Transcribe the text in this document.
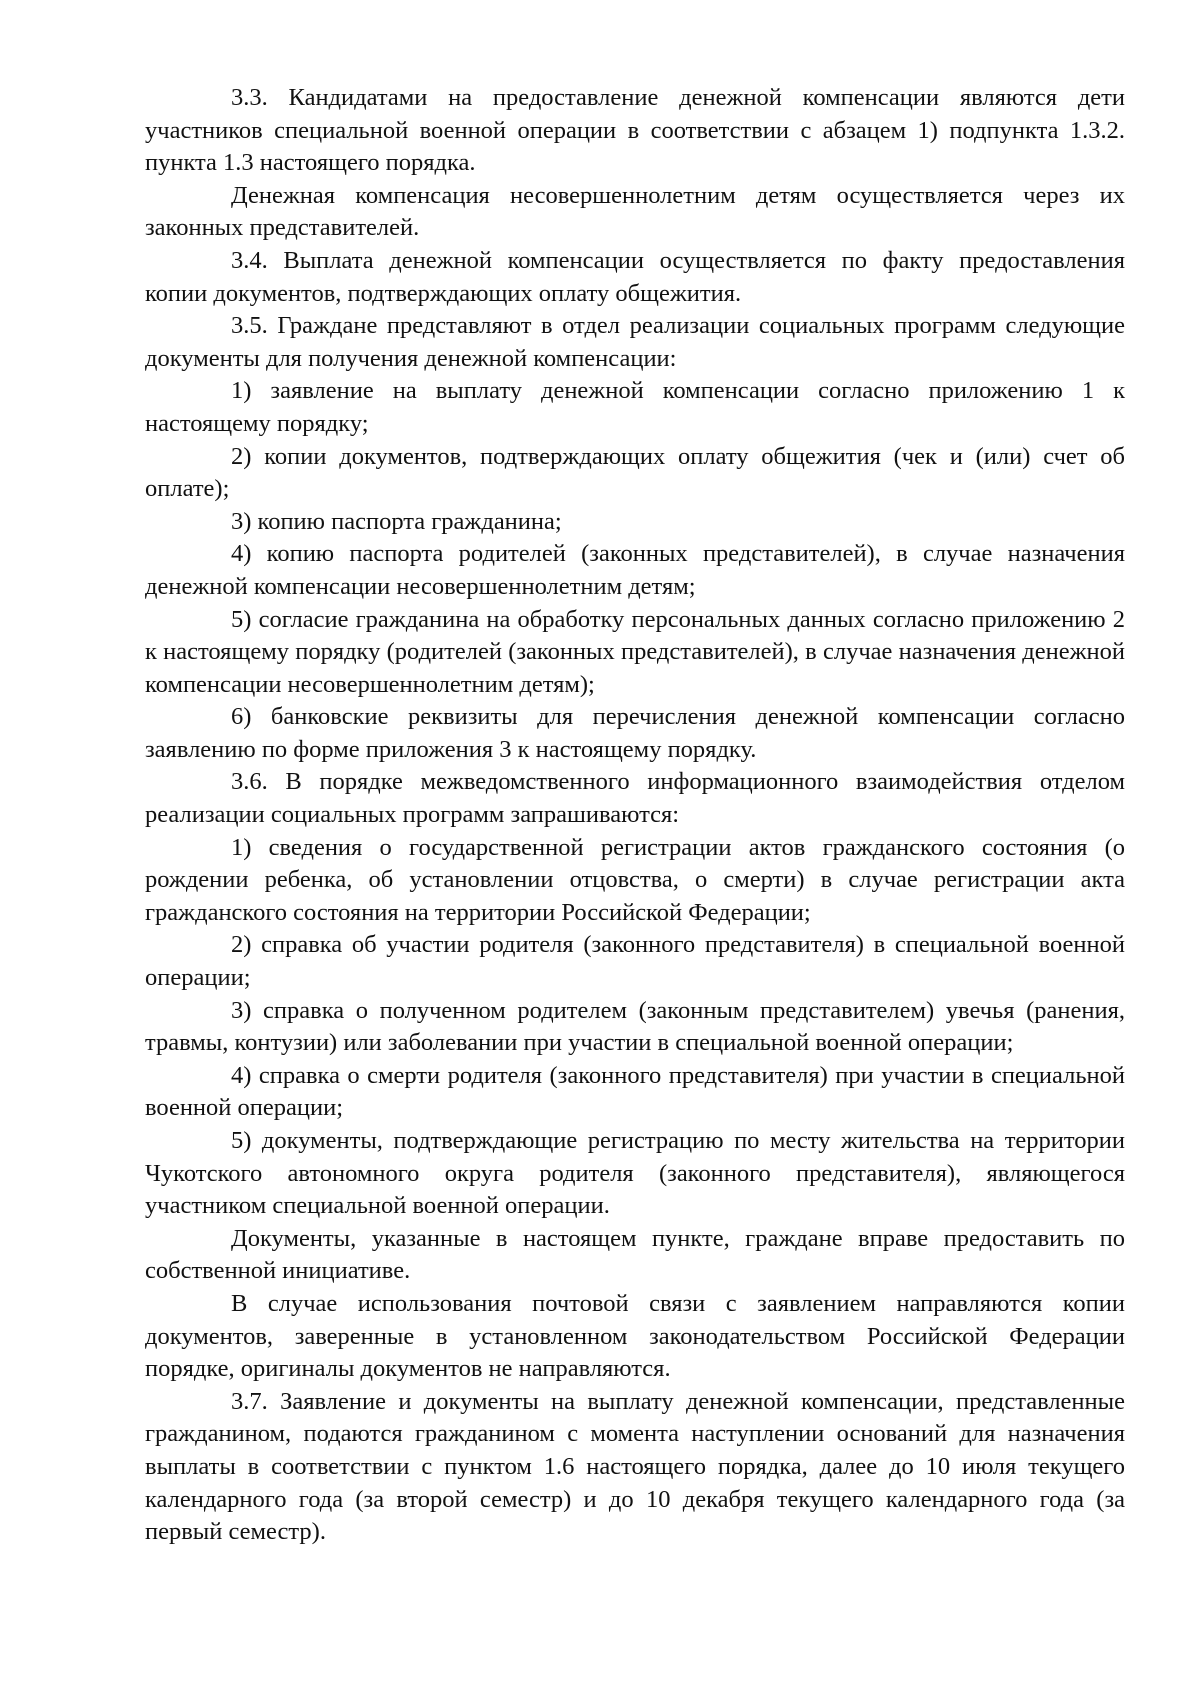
3.3. Кандидатами на предоставление денежной компенсации являются дети участников специальной военной операции в соответствии с абзацем 1) подпункта 1.3.2. пункта 1.3 настоящего порядка.

Денежная компенсация несовершеннолетним детям осуществляется через их законных представителей.

3.4. Выплата денежной компенсации осуществляется по факту предоставления копии документов, подтверждающих оплату общежития.

3.5. Граждане представляют в отдел реализации социальных программ следующие документы для получения денежной компенсации:

1) заявление на выплату денежной компенсации согласно приложению 1 к настоящему порядку;

2) копии документов, подтверждающих оплату общежития (чек и (или) счет об оплате);

3) копию паспорта гражданина;

4) копию паспорта родителей (законных представителей), в случае назначения денежной компенсации несовершеннолетним детям;

5) согласие гражданина на обработку персональных данных согласно приложению 2 к настоящему порядку (родителей (законных представителей), в случае назначения денежной компенсации несовершеннолетним детям);

6) банковские реквизиты для перечисления денежной компенсации согласно заявлению по форме приложения 3 к настоящему порядку.

3.6. В порядке межведомственного информационного взаимодействия отделом реализации социальных программ запрашиваются:

1) сведения о государственной регистрации актов гражданского состояния (о рождении ребенка, об установлении отцовства, о смерти) в случае регистрации акта гражданского состояния на территории Российской Федерации;

2) справка об участии родителя (законного представителя) в специальной военной операции;

3) справка о полученном родителем (законным представителем) увечья (ранения, травмы, контузии) или заболевании при участии в специальной военной операции;

4) справка о смерти родителя (законного представителя) при участии в специальной военной операции;

5) документы, подтверждающие регистрацию по месту жительства на территории Чукотского автономного округа родителя (законного представителя), являющегося участником специальной военной операции.

Документы, указанные в настоящем пункте, граждане вправе предоставить по собственной инициативе.

В случае использования почтовой связи с заявлением направляются копии документов, заверенные в установленном законодательством Российской Федерации порядке, оригиналы документов не направляются.

3.7. Заявление и документы на выплату денежной компенсации, представленные гражданином, подаются гражданином с момента наступлении оснований для назначения выплаты в соответствии с пунктом 1.6 настоящего порядка, далее до 10 июля текущего календарного года (за второй семестр) и до 10 декабря текущего календарного года (за первый семестр).
